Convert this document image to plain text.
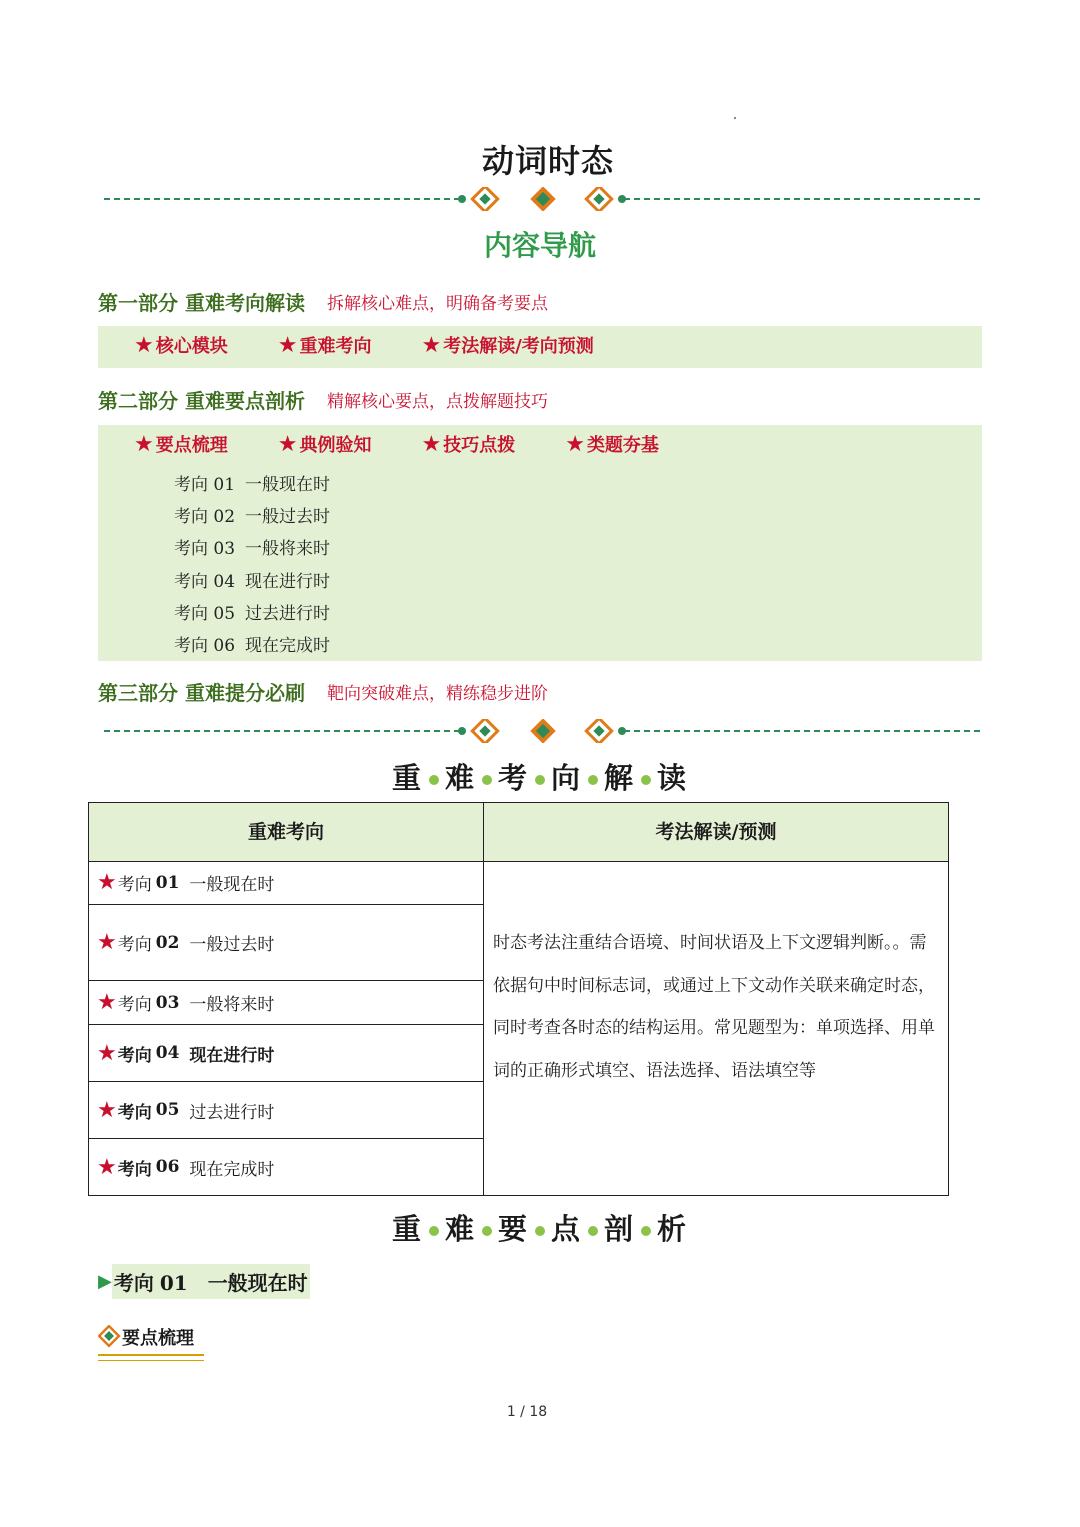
动词时态
内容导航
第一部分 重难考向解读 拆解核心难点，明确备考要点
★ 核心模块 ★ 重难考向 ★ 考法解读/考向预测
第二部分 重难要点剖析 精解核心要点，点拨解题技巧
★ 要点梳理 ★ 典例验知 ★ 技巧点拨 ★ 类题夯基
考向 01 一般现在时
考向 02 一般过去时
考向 03 一般将来时
考向 04 现在进行时
考向 05 过去进行时
考向 06 现在完成时
第三部分 重难提分必刷 靶向突破难点，精练稳步进阶
重 难 考 向 解 读
重难考向	考法解读/预测
★ 考向 01 一般现在时
★ 考向 02 一般过去时
★ 考向 03 一般将来时
★ 考向 04 现在进行时
★ 考向 05 过去进行时
★ 考向 06 现在完成时
时态考法注重结合语境、时间状语及上下文逻辑判断。。需依据句中时间标志词，或通过上下文动作关联来确定时态，同时考查各时态的结构运用。常见题型为：单项选择、用单词的正确形式填空、语法选择、语法填空等
重 难 要 点 剖 析
▶ 考向 01 一般现在时
要点梳理
1 / 18
